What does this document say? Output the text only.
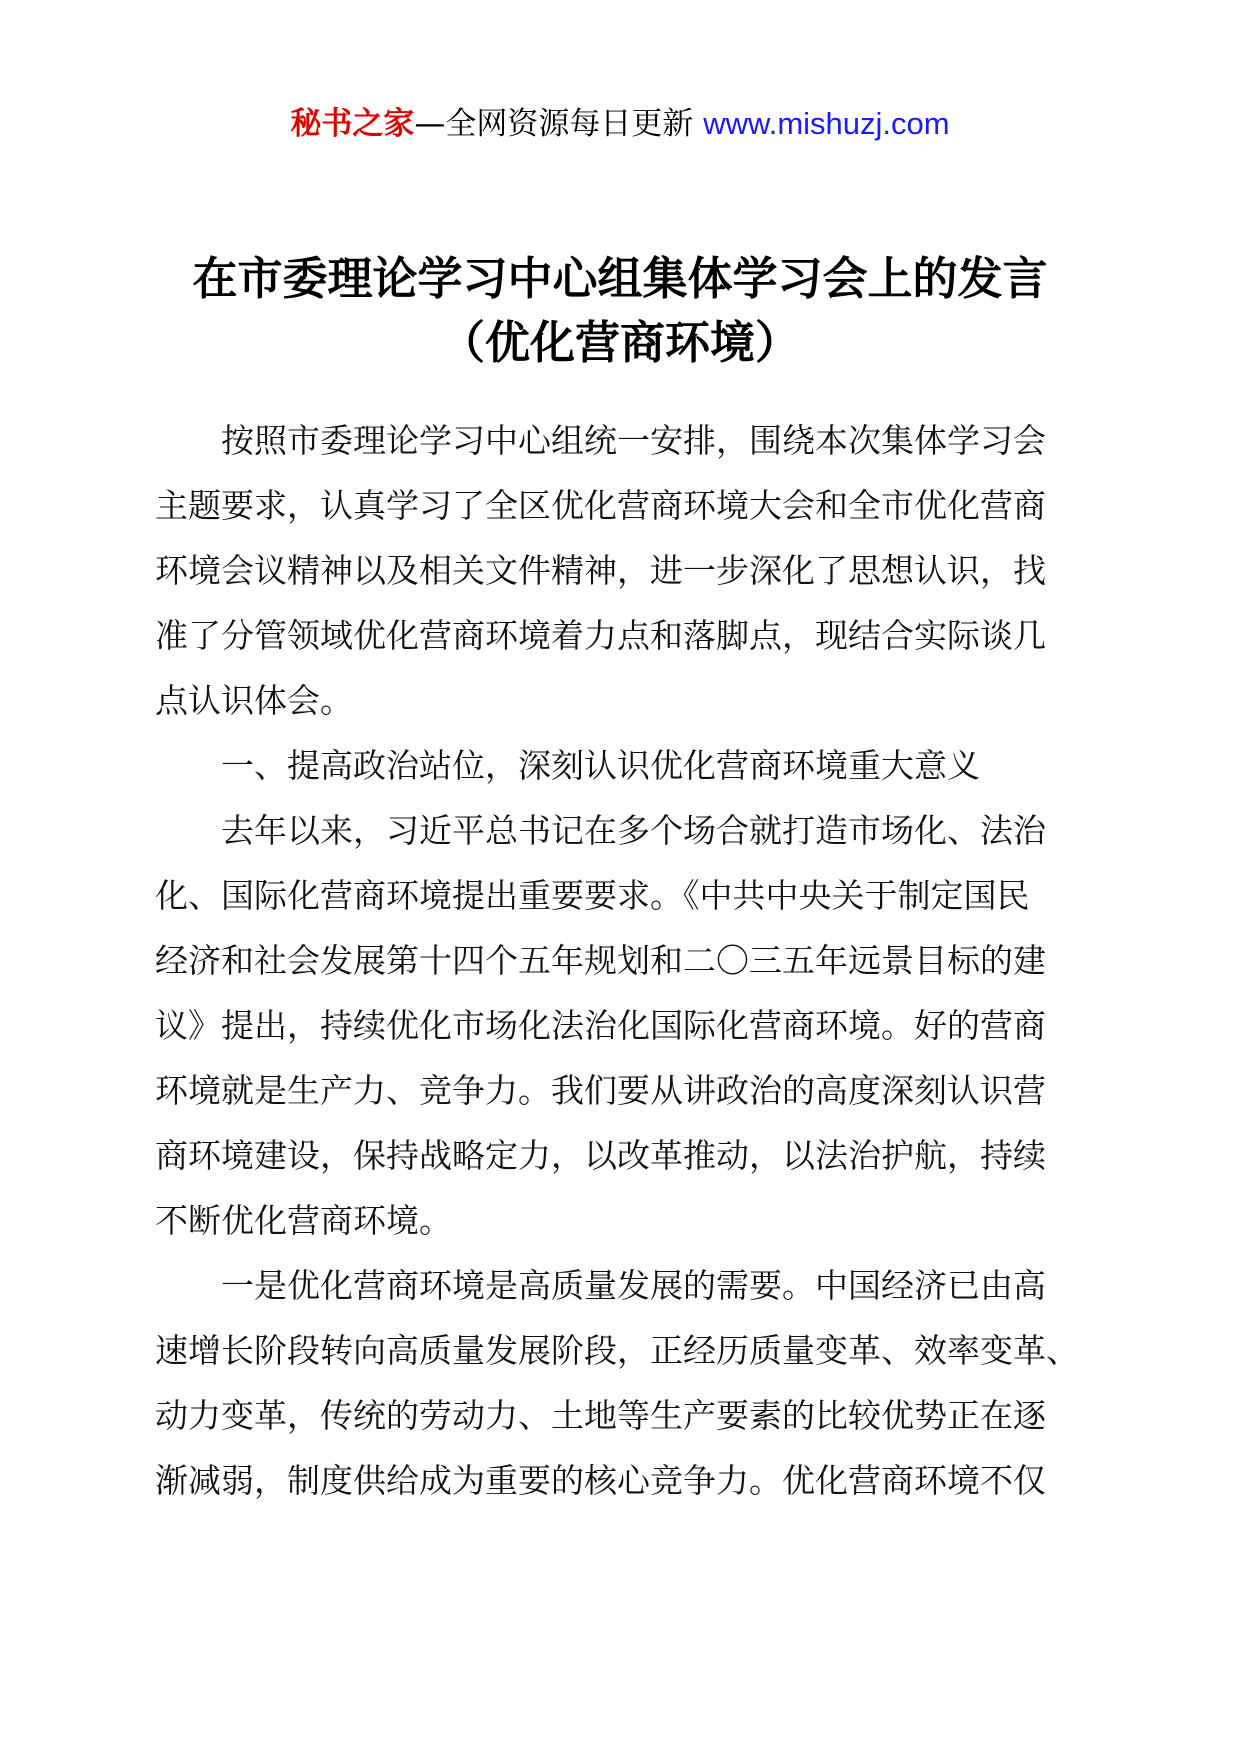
秘书之家—全网资源每日更新 www.mishuzj.com
在市委理论学习中心组集体学习会上的发言
（优化营商环境）
按照市委理论学习中心组统一安排，围绕本次集体学习会
主题要求，认真学习了全区优化营商环境大会和全市优化营商
环境会议精神以及相关文件精神，进一步深化了思想认识，找
准了分管领域优化营商环境着力点和落脚点，现结合实际谈几
点认识体会。
一、提高政治站位，深刻认识优化营商环境重大意义
去年以来，习近平总书记在多个场合就打造市场化、法治
化、国际化营商环境提出重要要求。《中共中央关于制定国民
经济和社会发展第十四个五年规划和二〇三五年远景目标的建
议》提出，持续优化市场化法治化国际化营商环境。好的营商
环境就是生产力、竞争力。我们要从讲政治的高度深刻认识营
商环境建设，保持战略定力，以改革推动，以法治护航，持续
不断优化营商环境。
一是优化营商环境是高质量发展的需要。中国经济已由高
速增长阶段转向高质量发展阶段，正经历质量变革、效率变革、
动力变革，传统的劳动力、土地等生产要素的比较优势正在逐
渐减弱，制度供给成为重要的核心竞争力。优化营商环境不仅
